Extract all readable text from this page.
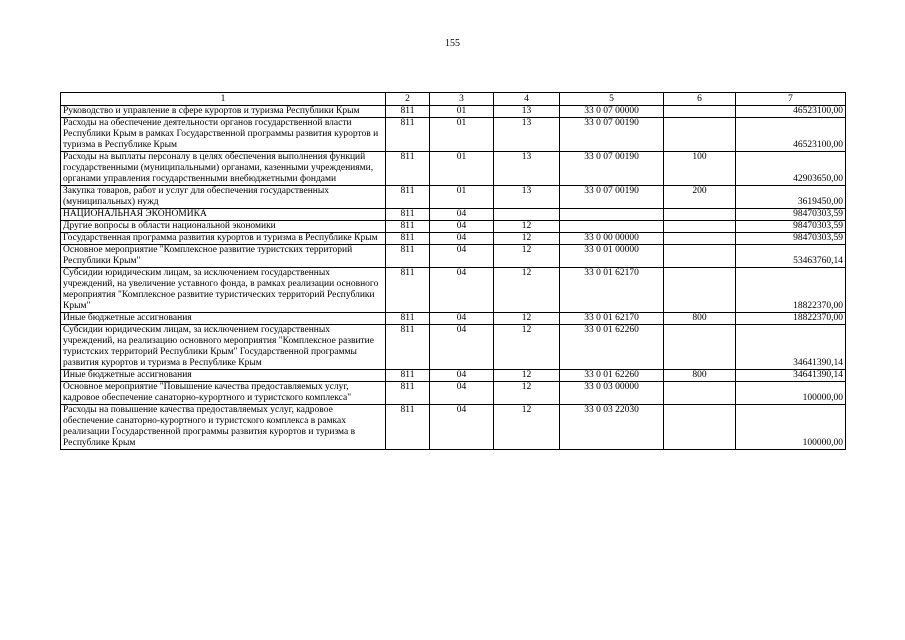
155
1	2	3	4	5	6	7
Руководство и управление в сфере курортов и туризма Республики Крым	811	01	13	33 0 07 00000		46523100,00
Расходы на обеспечение деятельности органов государственной власти Республики Крым в рамках Государственной программы развития курортов и туризма в Республике Крым	811	01	13	33 0 07 00190		46523100,00
Расходы на выплаты персоналу в целях обеспечения выполнения функций государственными (муниципальными) органами, казенными учреждениями, органами управления государственными внебюджетными фондами	811	01	13	33 0 07 00190	100	42903650,00
Закупка товаров, работ и услуг для обеспечения государственных (муниципальных) нужд	811	01	13	33 0 07 00190	200	3619450,00
НАЦИОНАЛЬНАЯ ЭКОНОМИКА	811	04				98470303,59
Другие вопросы в области национальной экономики	811	04	12			98470303,59
Государственная программа развития курортов и туризма в Республике Крым	811	04	12	33 0 00 00000		98470303,59
Основное мероприятие "Комплексное развитие туристских территорий Республики Крым"	811	04	12	33 0 01 00000		53463760,14
Субсидии юридическим лицам, за исключением государственных учреждений, на увеличение уставного фонда, в рамках реализации основного мероприятия "Комплексное развитие туристических территорий Республики Крым"	811	04	12	33 0 01 62170		18822370,00
Иные бюджетные ассигнования	811	04	12	33 0 01 62170	800	18822370,00
Субсидии юридическим лицам, за исключением государственных учреждений, на реализацию основного мероприятия "Комплексное развитие туристских территорий Республики Крым" Государственной программы развития курортов и туризма в Республике Крым	811	04	12	33 0 01 62260		34641390,14
Иные бюджетные ассигнования	811	04	12	33 0 01 62260	800	34641390,14
Основное мероприятие "Повышение качества предоставляемых услуг, кадровое обеспечение санаторно-курортного и туристского комплекса"	811	04	12	33 0 03 00000		100000,00
Расходы на повышение качества предоставляемых услуг, кадровое обеспечение санаторно-курортного и туристского комплекса в рамках реализации Государственной программы развития курортов и туризма в Республике Крым	811	04	12	33 0 03 22030		100000,00
